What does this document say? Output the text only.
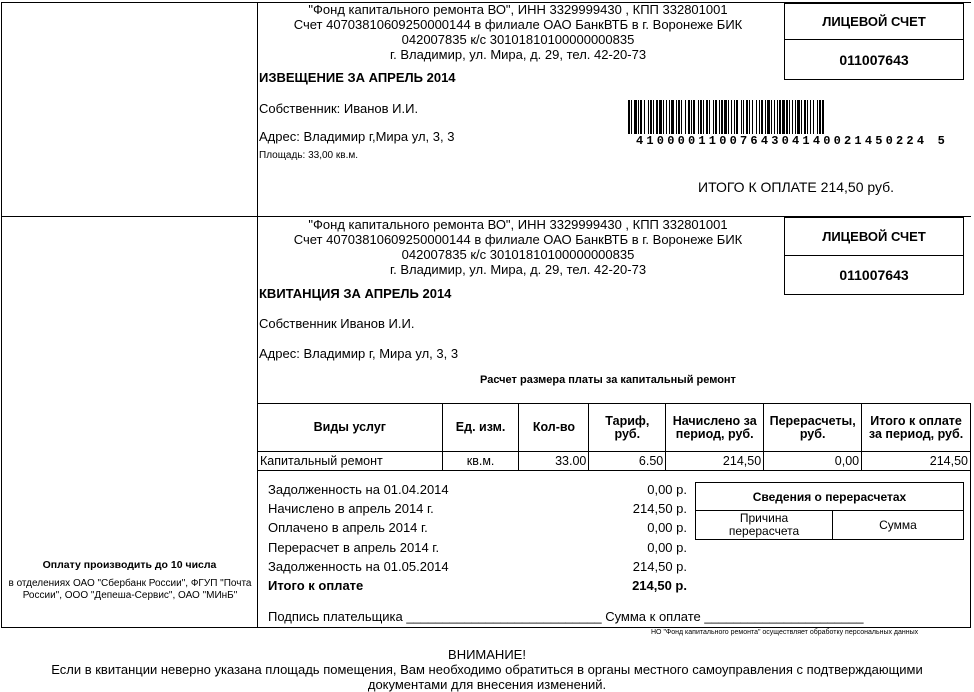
"Фонд капитального ремонта ВО", ИНН 3329999430 , КПП 332801001
Счет 40703810609250000144 в филиале ОАО БанкВТБ в г. Воронеже БИК
042007835 к/с 30101810100000000835
г. Владимир, ул. Мира, д. 29, тел. 42-20-73
ИЗВЕЩЕНИЕ ЗА АПРЕЛЬ 2014
Собственник: Иванов И.И.
Адрес: Владимир г,Мира ул, 3, 3
Площадь: 33,00 кв.м.
ЛИЦЕВОЙ СЧЕТ
011007643
4100001100764304140021450224 5
ИТОГО К ОПЛАТЕ 214,50 руб.
"Фонд капитального ремонта ВО", ИНН 3329999430 , КПП 332801001
Счет 40703810609250000144 в филиале ОАО БанкВТБ в г. Воронеже БИК
042007835 к/с 30101810100000000835
г. Владимир, ул. Мира, д. 29, тел. 42-20-73
ЛИЦЕВОЙ СЧЕТ
011007643
КВИТАНЦИЯ ЗА АПРЕЛЬ 2014
Собственник Иванов И.И.
Адрес: Владимир г, Мира ул, 3, 3
Расчет размера платы за капитальный ремонт
Виды услуг	Ед. изм.	Кол-во	Тариф, руб.	Начислено за период, руб.	Перерасчеты, руб.	Итого к оплате за период, руб.
Капитальный ремонт	кв.м.	33.00	6.50	214,50	0,00	214,50
Задолженность на 01.04.2014	0,00 р.
Начислено в апрель 2014 г.	214,50 р.
Оплачено в апрель 2014 г.	0,00 р.
Перерасчет в апрель 2014 г.	0,00 р.
Задолженность на 01.05.2014	214,50 р.
Итого к оплате	214,50 р.
Сведения о перерасчетах
Причина перерасчета	Сумма
Подпись плательщика ___________________________ Сумма к оплате ______________________
Оплату производить до 10 числа
в отделениях ОАО "Сбербанк России", ФГУП "Почта России", ООО "Депеша-Сервис", ОАО "МИнБ"
НО "Фонд капитального ремонта" осуществляет обработку персональных данных
ВНИМАНИЕ!
Если в квитанции неверно указана площадь помещения, Вам необходимо обратиться в органы местного самоуправления с подтверждающими документами для внесения изменений.
